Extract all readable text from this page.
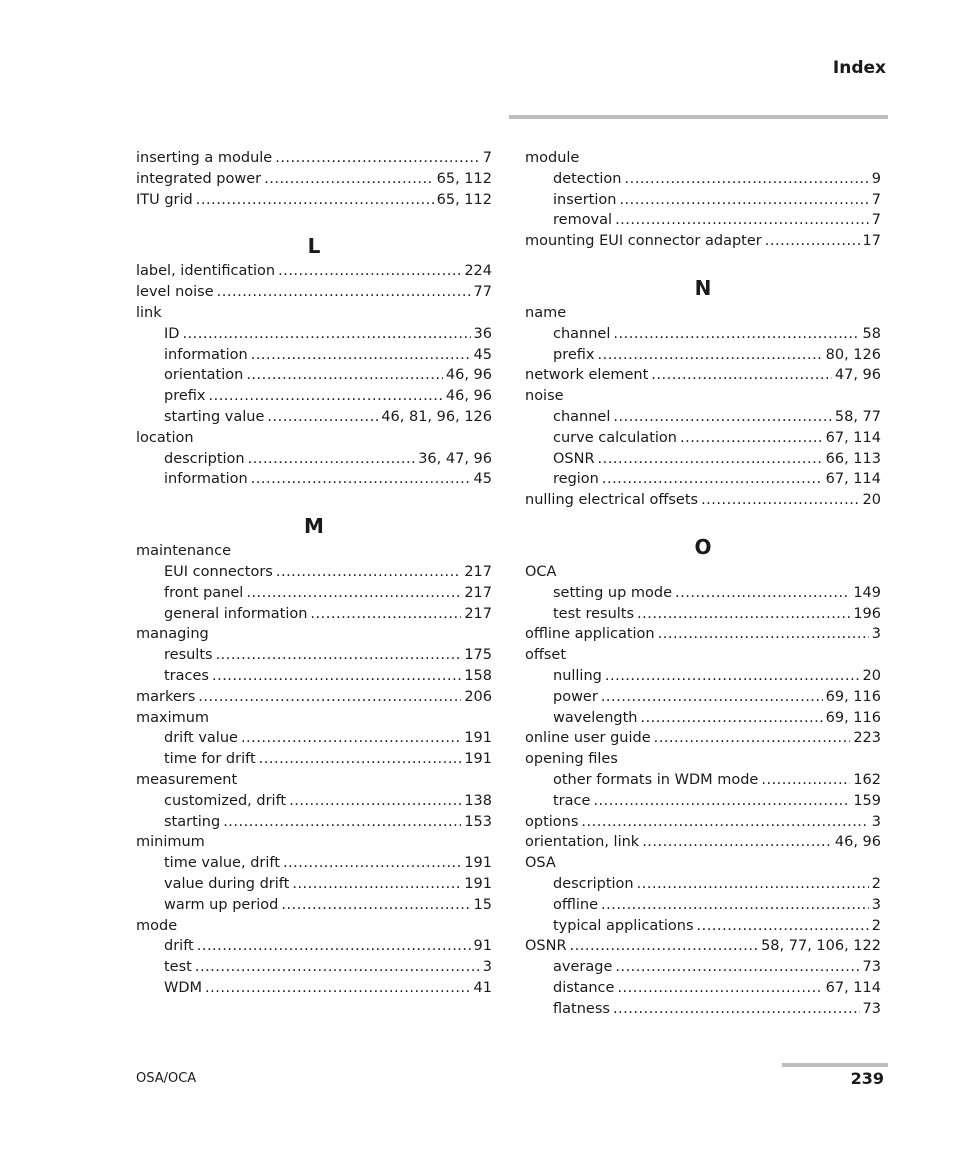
Index
inserting a module .....	7
integrated power .....	65, 112
ITU grid .....	65, 112
L
label, identification .....	224
level noise .....	77
link
ID .....	36
information .....	45
orientation .....	46, 96
prefix .....	46, 96
starting value .....	46, 81, 96, 126
location
description .....	36, 47, 96
information .....	45
M
maintenance
EUI connectors .....	217
front panel .....	217
general information .....	217
managing
results .....	175
traces .....	158
markers .....	206
maximum
drift value .....	191
time for drift .....	191
measurement
customized, drift .....	138
starting .....	153
minimum
time value, drift .....	191
value during drift .....	191
warm up period .....	15
mode
drift .....	91
test .....	3
WDM .....	41
module
detection .....	9
insertion .....	7
removal .....	7
mounting EUI connector adapter .....	17
N
name
channel .....	58
prefix .....	80, 126
network element .....	47, 96
noise
channel .....	58, 77
curve calculation .....	67, 114
OSNR .....	66, 113
region .....	67, 114
nulling electrical offsets .....	20
O
OCA
setting up mode .....	149
test results .....	196
offline application .....	3
offset
nulling .....	20
power .....	69, 116
wavelength .....	69, 116
online user guide .....	223
opening files
other formats in WDM mode .....	162
trace .....	159
options .....	3
orientation, link .....	46, 96
OSA
description .....	2
offline .....	3
typical applications .....	2
OSNR .....	58, 77, 106, 122
average .....	73
distance .....	67, 114
flatness .....	73
OSA/OCA	239
